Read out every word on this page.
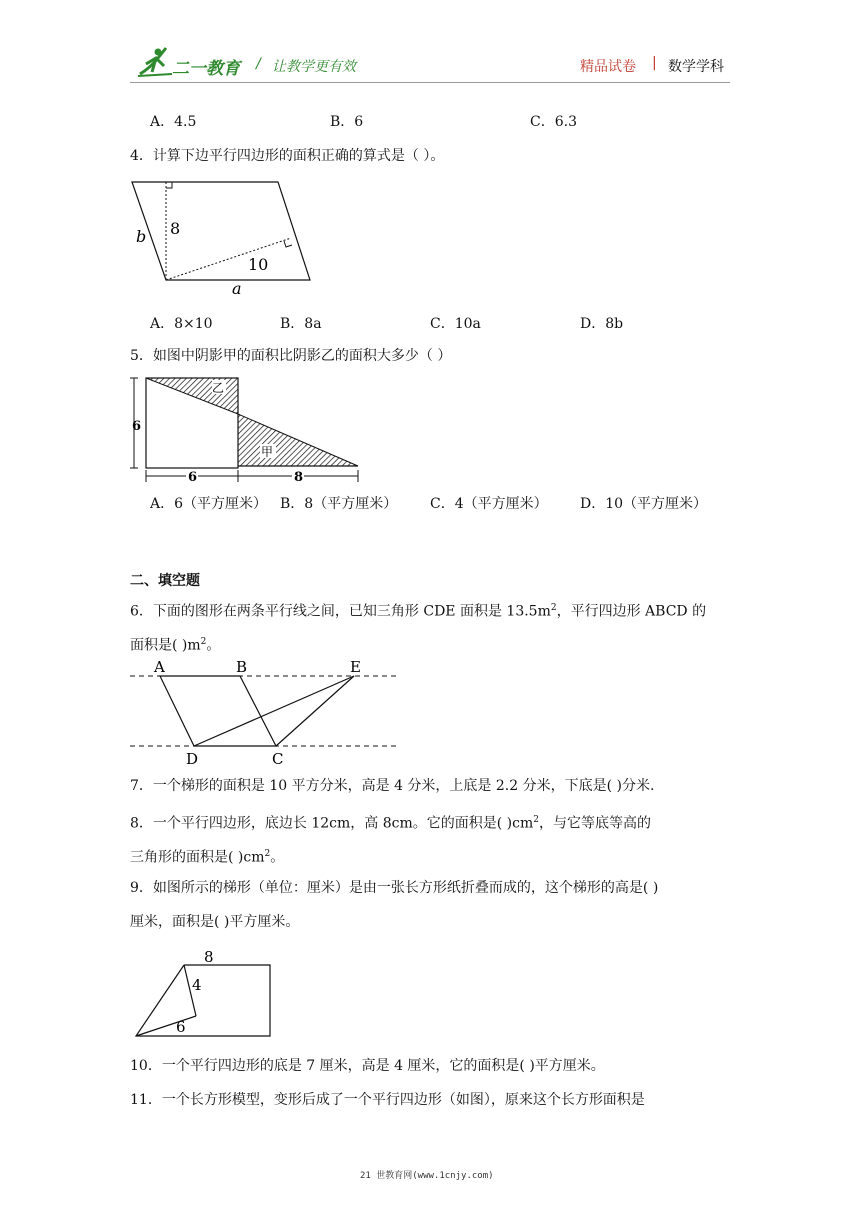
二一教育 / 让教学更有效	精品试卷 | 数学学科
A．4.5	B．6	C．6.3
4．计算下边平行四边形的面积正确的算式是（ ）。
b 8
10
a
A．8×10	B．8a	C．10a	D．8b
5．如图中阴影甲的面积比阴影乙的面积大多少（ ）
乙
甲
6
6	8
A．6（平方厘米） B．8（平方厘米） C．4（平方厘米） D．10（平方厘米）
二、填空题
6．下面的图形在两条平行线之间，已知三角形 CDE 面积是 $13.5m^2$，平行四边形 ABCD 的
面积是( )$m^2$。
A	B	E
D	C
7．一个梯形的面积是 10 平方分米，高是 4 分米，上底是 2.2 分米，下底是( )分米.
8．一个平行四边形，底边长 12cm，高 8cm。它的面积是( )$cm^2$，与它等底等高的
三角形的面积是( )$cm^2$。
9．如图所示的梯形（单位：厘米）是由一张长方形纸折叠而成的，这个梯形的高是( )
厘米，面积是( )平方厘米。
8
4
6
10．一个平行四边形的底是 7 厘米，高是 4 厘米，它的面积是( )平方厘米。
11．一个长方形模型，变形后成了一个平行四边形（如图），原来这个长方形面积是
21 世教育网(www.1cnjy.com)
